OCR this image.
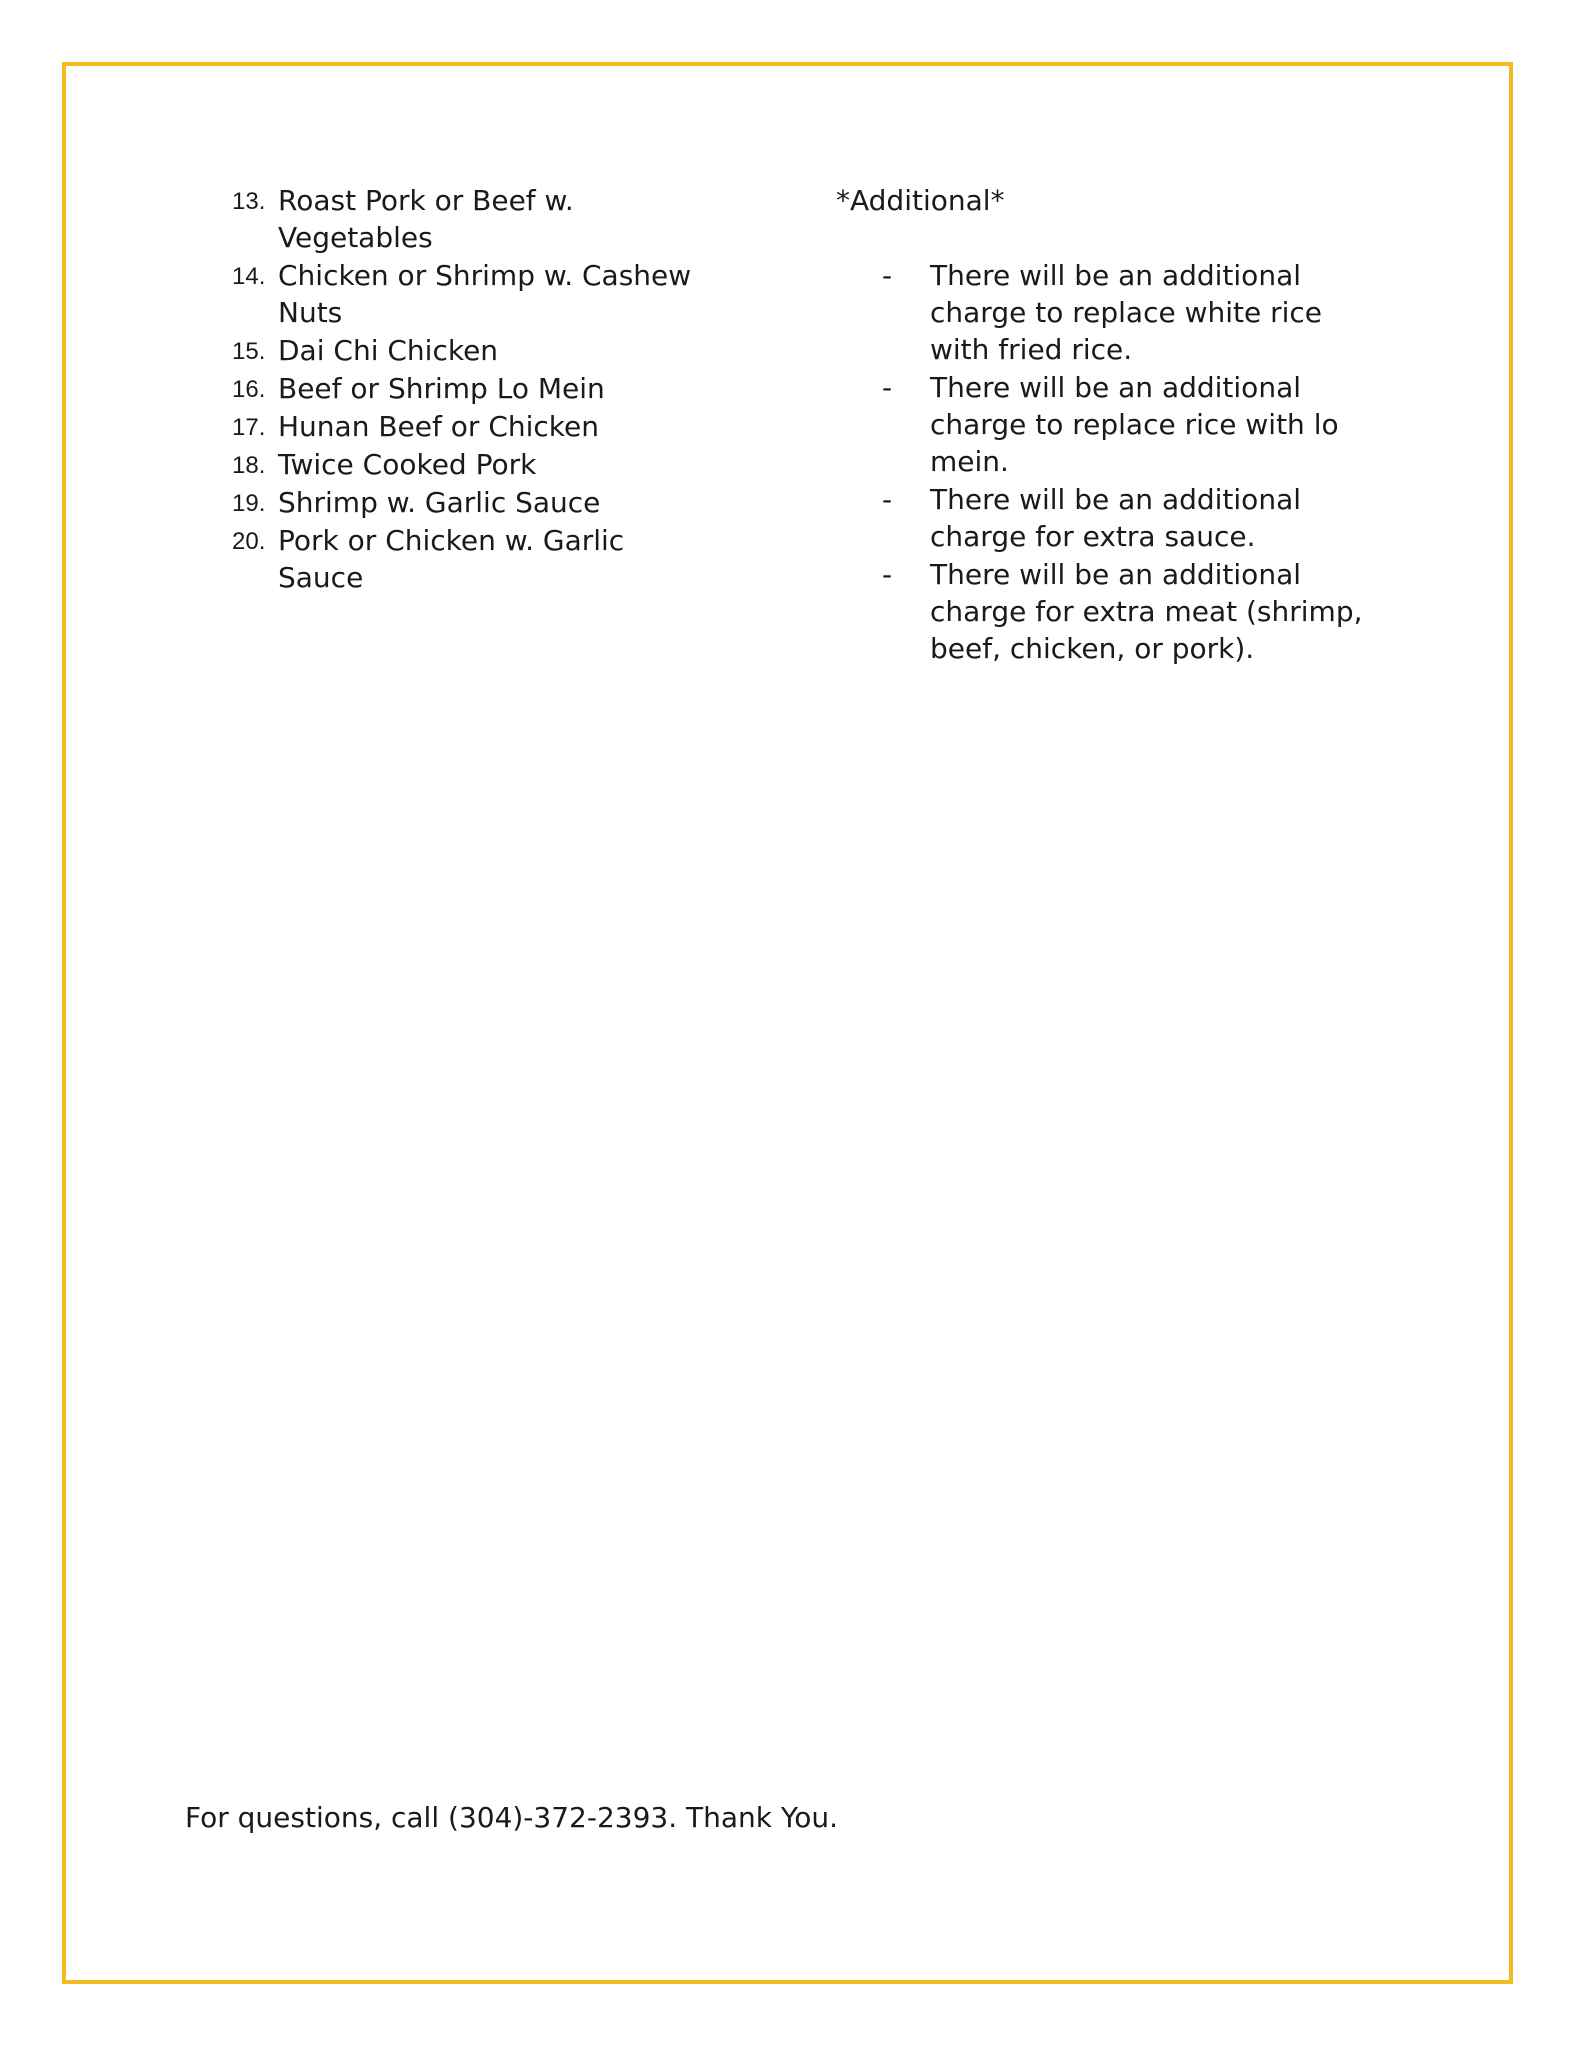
13. Roast Pork or Beef w.
Vegetables
14. Chicken or Shrimp w. Cashew
Nuts
15. Dai Chi Chicken
16. Beef or Shrimp Lo Mein
17. Hunan Beef or Chicken
18. Twice Cooked Pork
19. Shrimp w. Garlic Sauce
20. Pork or Chicken w. Garlic
Sauce
*Additional*
- There will be an additional
charge to replace white rice
with fried rice.
- There will be an additional
charge to replace rice with lo
mein.
- There will be an additional
charge for extra sauce.
- There will be an additional
charge for extra meat (shrimp,
beef, chicken, or pork).
For questions, call (304)-372-2393. Thank You.
